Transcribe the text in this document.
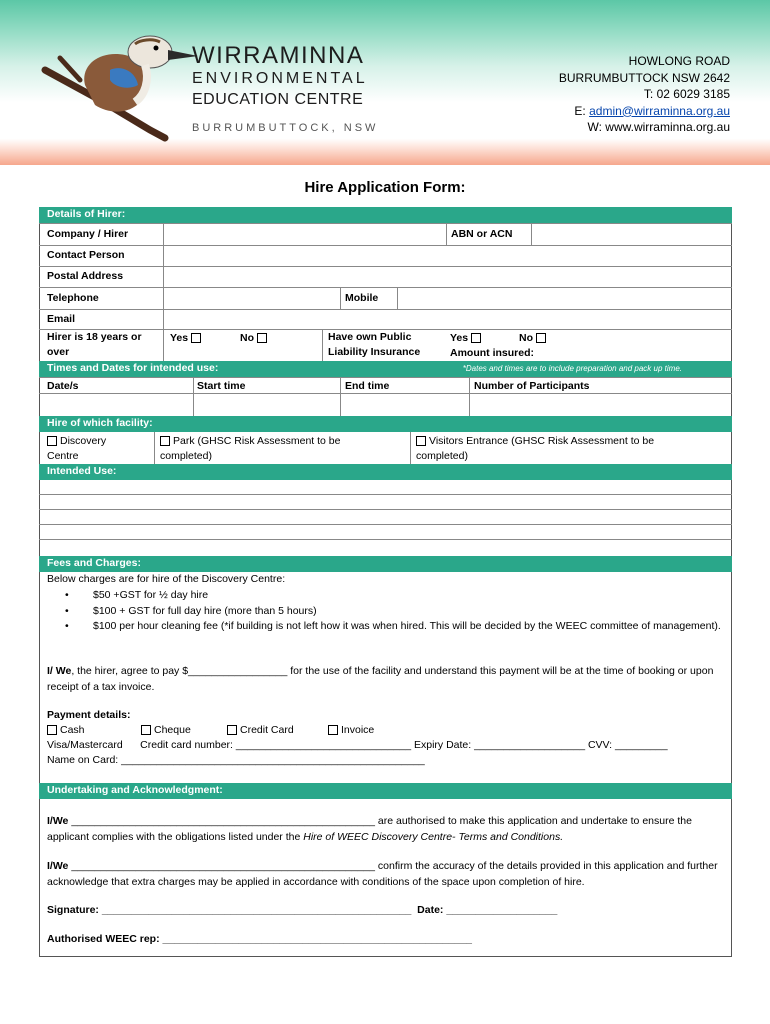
WIRRAMINNA
ENVIRONMENTAL
EDUCATION CENTRE
BURRUMBUTTOCK, NSW
HOWLONG ROAD
BURRUMBUTTOCK NSW 2642
T: 02 6029 3185
E: admin@wirraminna.org.au
W: www.wirraminna.org.au
Hire Application Form:
Details of Hirer:
Company / Hirer	ABN or ACN
Contact Person
Postal Address
Telephone	Mobile
Email
Hirer is 18 years or
over
Yes	No	Have own Public
Liability Insurance
Yes	No
Amount insured:
Times and Dates for intended use:	*Dates and times are to include preparation and pack up time.
Date/s	Start time	End time	Number of Participants
Hire of which facility:
Discovery
Centre
Park (GHSC Risk Assessment to be
completed)
Visitors Entrance (GHSC Risk Assessment to be
completed)
Intended Use:
Fees and Charges:
Below charges are for hire of the Discovery Centre:
• $50 +GST for ½ day hire
• $100 + GST for full day hire (more than 5 hours)
• $100 per hour cleaning fee (*if building is not left how it was when hired. This will be decided by the WEEC committee of management).
I/ We, the hirer, agree to pay $_________________ for the use of the facility and understand this payment will be at the time of booking or upon receipt of a tax invoice.
Payment details:
Cash	Cheque	Credit Card	Invoice
Visa/Mastercard      Credit card number: ______________________________ Expiry Date: ___________________ CVV: _________
Name on Card: ____________________________________________________
Undertaking and Acknowledgment:
I/We ____________________________________________________ are authorised to make this application and undertake to ensure the applicant complies with the obligations listed under the Hire of WEEC Discovery Centre- Terms and Conditions.
I/We ____________________________________________________ confirm the accuracy of the details provided in this application and further acknowledge that extra charges may be applied in accordance with conditions of the space upon completion of hire.
Signature: _____________________________________________________  Date: ___________________
Authorised WEEC rep: _____________________________________________________
